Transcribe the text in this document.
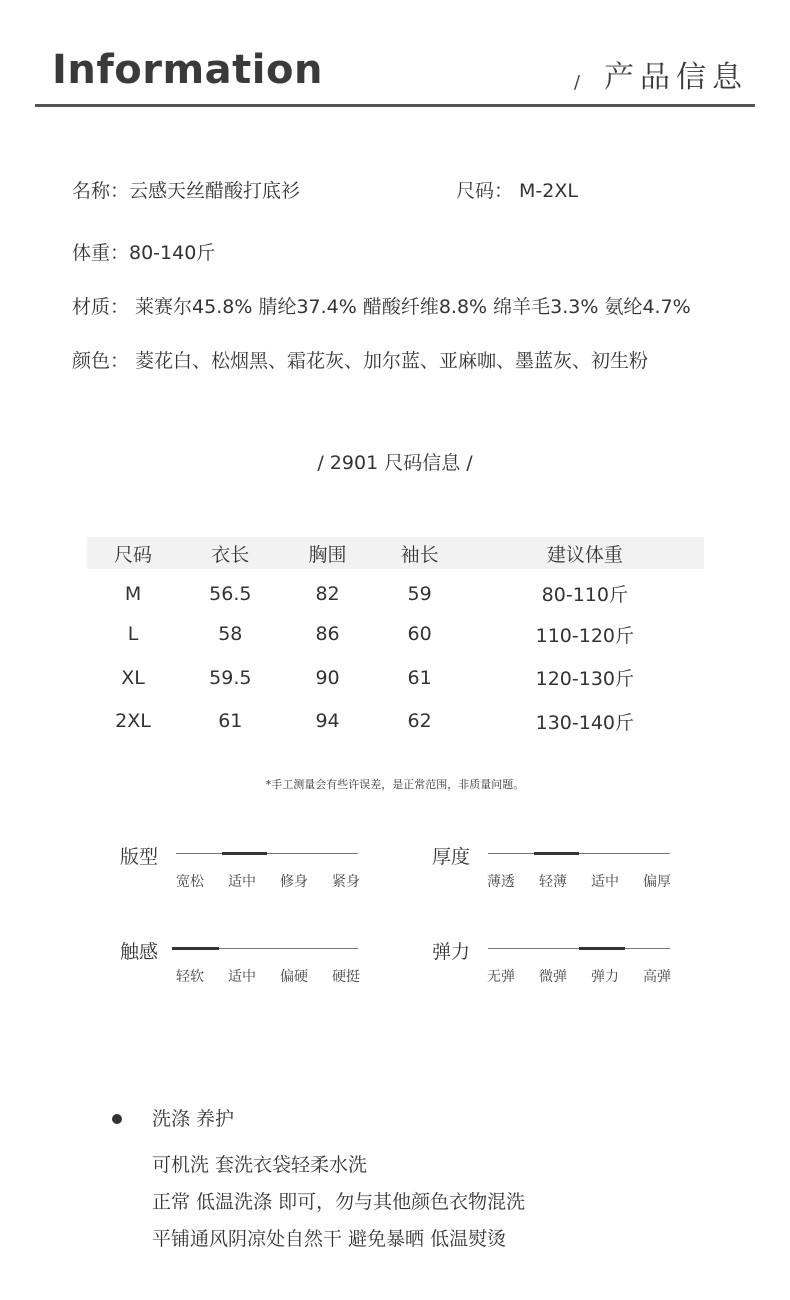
Information	/ 产品信息
名称：云感天丝醋酸打底衫	尺码： M-2XL
体重：80-140斤
材质： 莱赛尔45.8% 腈纶37.4% 醋酸纤维8.8% 绵羊毛3.3% 氨纶4.7%
颜色： 菱花白、松烟黑、霜花灰、加尔蓝、亚麻咖、墨蓝灰、初生粉
/ 2901 尺码信息 /
尺码	衣长	胸围	袖长	建议体重
M	56.5	82	59	80-110斤
L	58	86	60	110-120斤
XL	59.5	90	61	120-130斤
2XL	61	94	62	130-140斤
*手工测量会有些许误差，是正常范围，非质量问题。
版型
宽松	适中	修身	紧身
厚度
薄透	轻薄	适中	偏厚
触感
轻软	适中	偏硬	硬挺
弹力
无弹	微弹	弹力	高弹
洗涤 养护
可机洗 套洗衣袋轻柔水洗
正常 低温洗涤 即可，勿与其他颜色衣物混洗
平铺通风阴凉处自然干 避免暴晒 低温熨烫
